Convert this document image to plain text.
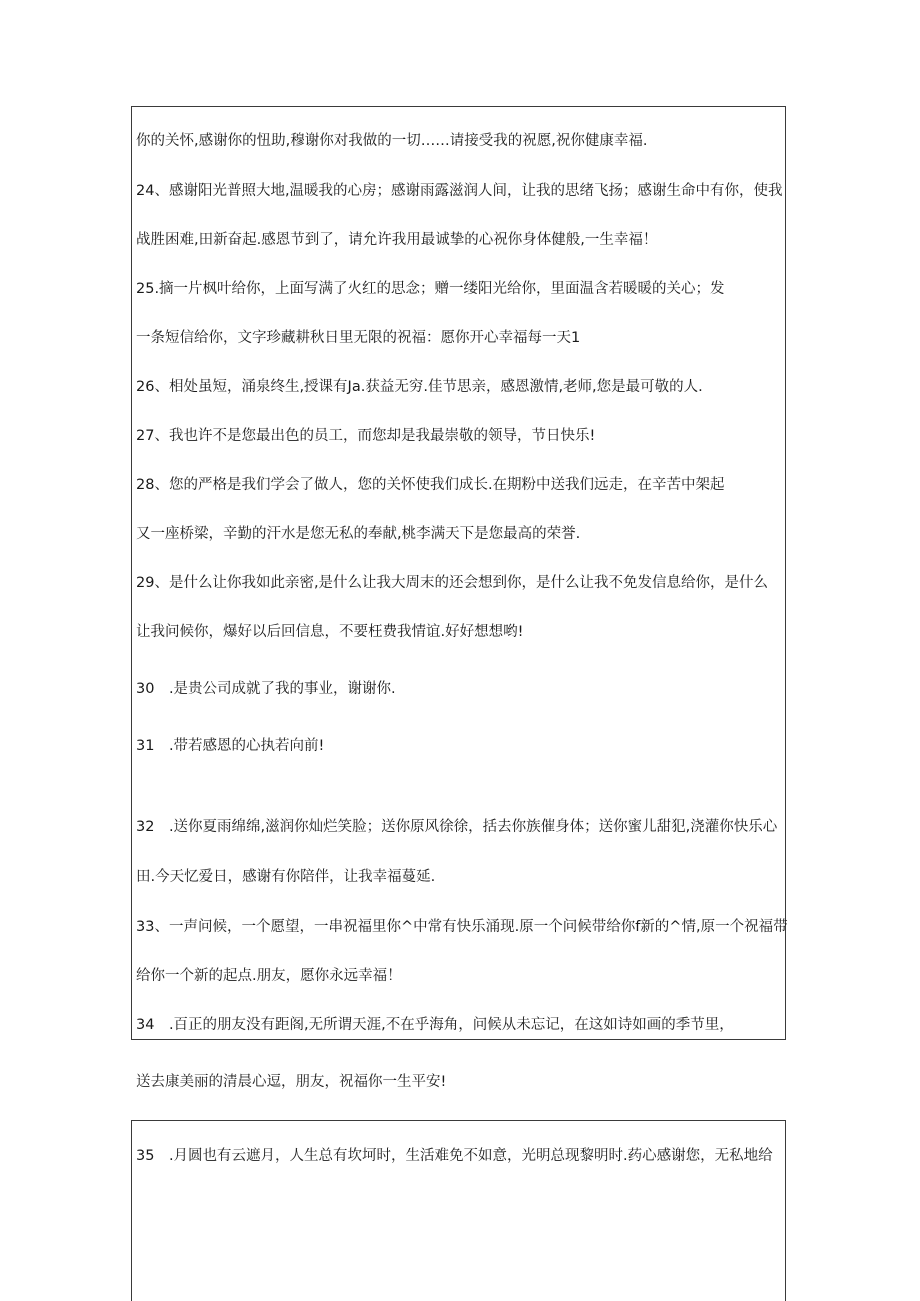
你的关怀,感谢你的忸助,穆谢你对我做的一切……请接受我的祝愿,祝你健康幸福.
24、感谢阳光普照大地,温暖我的心房；感谢雨露滋润人间，让我的思绪飞扬；感谢生命中有你，使我
战胜困难,田新奋起.感恩节到了，请允许我用最诚挚的心祝你身体健般,一生幸福！
25.摘一片枫叶给你，上面写满了火红的思念；赠一缕阳光给你，里面温含若暖暖的关心；发
一条短信给你，文字珍藏耕秋日里无限的祝福：愿你开心幸福每一天1
26、相处虽短，涌泉终生,授课有Ja.获益无穷.佳节思亲，感恩激情,老师,您是最可敬的人.
27、我也许不是您最出色的员工，而您却是我最崇敬的领导，节日快乐!
28、您的严格是我们学会了做人，您的关怀使我们成长.在期粉中送我们远走，在辛苦中架起
又一座桥梁，辛勤的汗水是您无私的奉献,桃李满天下是您最高的荣誉.
29、是什么让你我如此亲密,是什么让我大周末的还会想到你，是什么让我不免发信息给你，是什么
让我问候你，爆好以后回信息，不要枉费我情谊.好好想想哟!
30　.是贵公司成就了我的事业，谢谢你.
31　.带若感恩的心执若向前!
32　.送你夏雨绵绵,滋润你灿烂笑脸；送你原风徐徐，括去你族催身体；送你蜜儿甜犯,浇灌你快乐心
田.今天忆爱日，感谢有你陪伴，让我幸福蔓延.
33、一声问候，一个愿望，一串祝福里你^中常有快乐涌现.原一个问候带给你f新的^情,原一个祝福带
给你一个新的起点.朋友，愿你永远幸福！
34　.百正的朋友没有距阁,无所谓天涯,不在乎海角，问候从未忘记，在这如诗如画的季节里，
送去康美丽的清晨心逗，朋友，祝福你一生平安!
35　.月圆也有云遮月，人生总有坎坷时，生活难免不如意，光明总现黎明时.药心感谢您，无私地给
